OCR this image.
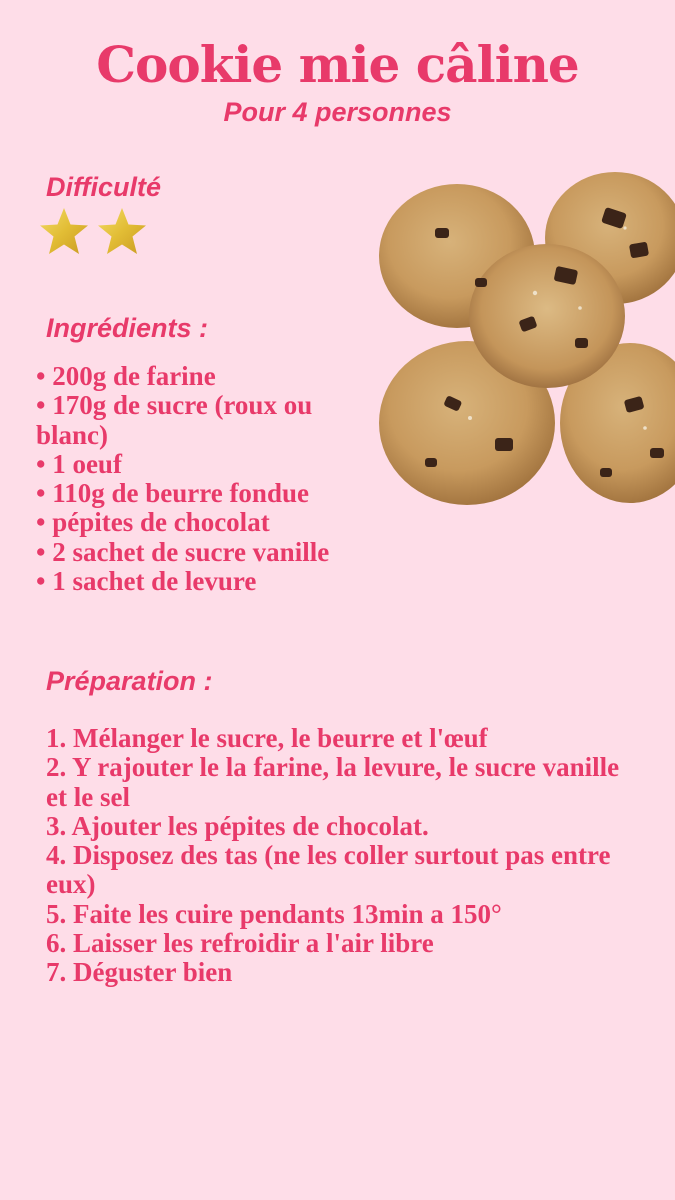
Cookie mie câline
Pour 4 personnes
Difficulté
Ingrédients :
• 200g de farine
• 170g de sucre (roux ou blanc)
• 1 oeuf
• 110g de beurre fondue
• pépites de chocolat
• 2 sachet de sucre vanille
• 1 sachet de levure
Préparation :
1. Mélanger le sucre, le beurre et l'œuf
2. Y rajouter le la farine, la levure, le sucre vanille et le sel
3. Ajouter les pépites de chocolat.
4. Disposez des tas (ne les coller surtout pas entre eux)
5. Faite les cuire pendants 13min a 150°
6. Laisser les refroidir a l'air libre
7. Déguster bien
